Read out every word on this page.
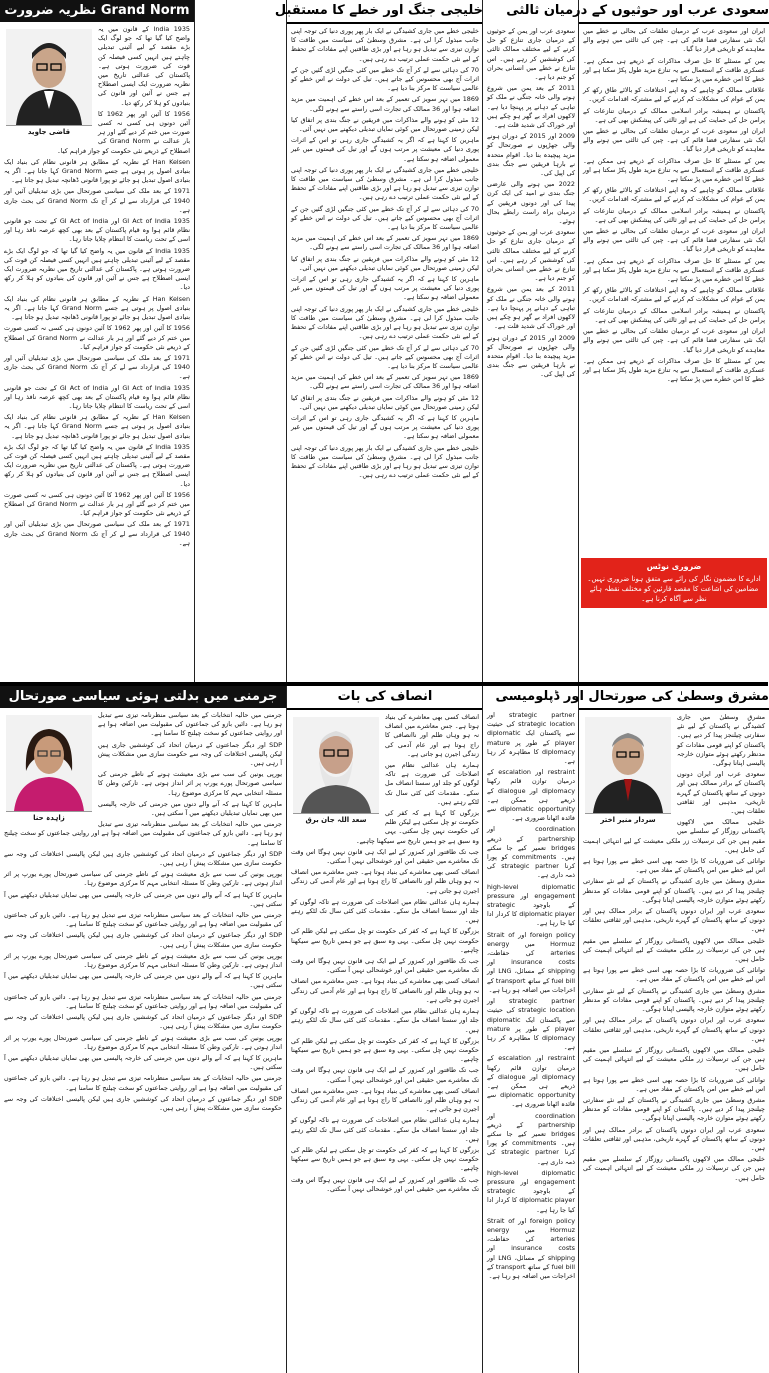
Grand Norm نظریہ ضرورت
قاضی جاوید

1935 India کے قانون میں یہ واضح کیا گیا تھا کہ جو لوگ ایک بڑے مقصد کے لیے آئینی تبدیلی چاہتے ہیں انہیں کسی فیصلہ کن قوت کی ضرورت ہوتی ہے۔ پاکستان کی عدالتی تاریخ میں نظریہ ضرورت ایک ایسی اصطلاح ہے جس نے آئین اور قانون کی بنیادوں کو ہلا کر رکھ دیا۔

1956 کا آئین اور پھر 1962 کا آئین دونوں ہی کسی نہ کسی صورت میں ختم کر دیے گئے اور ہر بار عدالت نے Grand Norm کی اصطلاح کے ذریعے نئی حکومت کو جواز فراہم کیا۔

Han Kelsen کے نظریہ کے مطابق ہر قانونی نظام کی بنیاد ایک بنیادی اصول پر ہوتی ہے جسے Grand Norm کہا جاتا ہے۔ اگر یہ بنیادی اصول تبدیل ہو جائے تو پورا قانونی ڈھانچہ تبدیل ہو جاتا ہے۔

1971 کے بعد ملک کی سیاسی صورتحال میں بڑی تبدیلیاں آئیں اور 1940 کی قرارداد سے لے کر آج تک Grand Norm کی بحث جاری ہے۔

GI Act of India 1935 اور GI Act of India کے تحت جو قانونی نظام قائم ہوا وہ قیام پاکستان کے بعد بھی کچھ عرصہ نافذ رہا اور اسی کے تحت ریاست کا انتظام چلایا جاتا رہا۔

1935 India کے قانون میں یہ واضح کیا گیا تھا کہ جو لوگ ایک بڑے مقصد کے لیے آئینی تبدیلی چاہتے ہیں انہیں کسی فیصلہ کن قوت کی ضرورت ہوتی ہے۔ پاکستان کی عدالتی تاریخ میں نظریہ ضرورت ایک ایسی اصطلاح ہے جس نے آئین اور قانون کی بنیادوں کو ہلا کر رکھ دیا۔

Han Kelsen کے نظریہ کے مطابق ہر قانونی نظام کی بنیاد ایک بنیادی اصول پر ہوتی ہے جسے Grand Norm کہا جاتا ہے۔ اگر یہ بنیادی اصول تبدیل ہو جائے تو پورا قانونی ڈھانچہ تبدیل ہو جاتا ہے۔

1956 کا آئین اور پھر 1962 کا آئین دونوں ہی کسی نہ کسی صورت میں ختم کر دیے گئے اور ہر بار عدالت نے Grand Norm کی اصطلاح کے ذریعے نئی حکومت کو جواز فراہم کیا۔

1971 کے بعد ملک کی سیاسی صورتحال میں بڑی تبدیلیاں آئیں اور 1940 کی قرارداد سے لے کر آج تک Grand Norm کی بحث جاری ہے۔

GI Act of India 1935 اور GI Act of India کے تحت جو قانونی نظام قائم ہوا وہ قیام پاکستان کے بعد بھی کچھ عرصہ نافذ رہا اور اسی کے تحت ریاست کا انتظام چلایا جاتا رہا۔

Han Kelsen کے نظریہ کے مطابق ہر قانونی نظام کی بنیاد ایک بنیادی اصول پر ہوتی ہے جسے Grand Norm کہا جاتا ہے۔ اگر یہ بنیادی اصول تبدیل ہو جائے تو پورا قانونی ڈھانچہ تبدیل ہو جاتا ہے۔

1935 India کے قانون میں یہ واضح کیا گیا تھا کہ جو لوگ ایک بڑے مقصد کے لیے آئینی تبدیلی چاہتے ہیں انہیں کسی فیصلہ کن قوت کی ضرورت ہوتی ہے۔ پاکستان کی عدالتی تاریخ میں نظریہ ضرورت ایک ایسی اصطلاح ہے جس نے آئین اور قانون کی بنیادوں کو ہلا کر رکھ دیا۔

1956 کا آئین اور پھر 1962 کا آئین دونوں ہی کسی نہ کسی صورت میں ختم کر دیے گئے اور ہر بار عدالت نے Grand Norm کی اصطلاح کے ذریعے نئی حکومت کو جواز فراہم کیا۔

1971 کے بعد ملک کی سیاسی صورتحال میں بڑی تبدیلیاں آئیں اور 1940 کی قرارداد سے لے کر آج تک Grand Norm کی بحث جاری ہے۔

خلیجی جنگ اور خطے کا مستقبل

خلیجی خطے میں جاری کشیدگی نے ایک بار پھر پوری دنیا کی توجہ اپنی جانب مبذول کرا لی ہے۔ مشرق وسطیٰ کی سیاست میں طاقت کا توازن تیزی سے تبدیل ہو رہا ہے اور بڑی طاقتیں اپنے مفادات کے تحفظ کے لیے نئی حکمت عملی ترتیب دے رہی ہیں۔

70 کی دہائی سے لے کر آج تک خطے میں کئی جنگیں لڑی گئیں جن کے اثرات آج بھی محسوس کیے جاتے ہیں۔ تیل کی دولت نے اس خطے کو عالمی سیاست کا مرکز بنا دیا ہے۔

1869 میں نہر سویز کی تعمیر کے بعد اس خطے کی اہمیت میں مزید اضافہ ہوا اور 36 ممالک کی تجارت اسی راستے سے ہونے لگی۔

12 مئی کو ہونے والے مذاکرات میں فریقین نے جنگ بندی پر اتفاق کیا لیکن زمینی صورتحال میں کوئی نمایاں تبدیلی دیکھنے میں نہیں آئی۔

ماہرین کا کہنا ہے کہ اگر یہ کشیدگی جاری رہی تو اس کے اثرات پوری دنیا کی معیشت پر مرتب ہوں گے اور تیل کی قیمتوں میں غیر معمولی اضافہ ہو سکتا ہے۔

خلیجی خطے میں جاری کشیدگی نے ایک بار پھر پوری دنیا کی توجہ اپنی جانب مبذول کرا لی ہے۔ مشرق وسطیٰ کی سیاست میں طاقت کا توازن تیزی سے تبدیل ہو رہا ہے اور بڑی طاقتیں اپنے مفادات کے تحفظ کے لیے نئی حکمت عملی ترتیب دے رہی ہیں۔

70 کی دہائی سے لے کر آج تک خطے میں کئی جنگیں لڑی گئیں جن کے اثرات آج بھی محسوس کیے جاتے ہیں۔ تیل کی دولت نے اس خطے کو عالمی سیاست کا مرکز بنا دیا ہے۔

1869 میں نہر سویز کی تعمیر کے بعد اس خطے کی اہمیت میں مزید اضافہ ہوا اور 36 ممالک کی تجارت اسی راستے سے ہونے لگی۔

12 مئی کو ہونے والے مذاکرات میں فریقین نے جنگ بندی پر اتفاق کیا لیکن زمینی صورتحال میں کوئی نمایاں تبدیلی دیکھنے میں نہیں آئی۔

ماہرین کا کہنا ہے کہ اگر یہ کشیدگی جاری رہی تو اس کے اثرات پوری دنیا کی معیشت پر مرتب ہوں گے اور تیل کی قیمتوں میں غیر معمولی اضافہ ہو سکتا ہے۔

خلیجی خطے میں جاری کشیدگی نے ایک بار پھر پوری دنیا کی توجہ اپنی جانب مبذول کرا لی ہے۔ مشرق وسطیٰ کی سیاست میں طاقت کا توازن تیزی سے تبدیل ہو رہا ہے اور بڑی طاقتیں اپنے مفادات کے تحفظ کے لیے نئی حکمت عملی ترتیب دے رہی ہیں۔

70 کی دہائی سے لے کر آج تک خطے میں کئی جنگیں لڑی گئیں جن کے اثرات آج بھی محسوس کیے جاتے ہیں۔ تیل کی دولت نے اس خطے کو عالمی سیاست کا مرکز بنا دیا ہے۔

1869 میں نہر سویز کی تعمیر کے بعد اس خطے کی اہمیت میں مزید اضافہ ہوا اور 36 ممالک کی تجارت اسی راستے سے ہونے لگی۔

12 مئی کو ہونے والے مذاکرات میں فریقین نے جنگ بندی پر اتفاق کیا لیکن زمینی صورتحال میں کوئی نمایاں تبدیلی دیکھنے میں نہیں آئی۔

ماہرین کا کہنا ہے کہ اگر یہ کشیدگی جاری رہی تو اس کے اثرات پوری دنیا کی معیشت پر مرتب ہوں گے اور تیل کی قیمتوں میں غیر معمولی اضافہ ہو سکتا ہے۔

خلیجی خطے میں جاری کشیدگی نے ایک بار پھر پوری دنیا کی توجہ اپنی جانب مبذول کرا لی ہے۔ مشرق وسطیٰ کی سیاست میں طاقت کا توازن تیزی سے تبدیل ہو رہا ہے اور بڑی طاقتیں اپنے مفادات کے تحفظ کے لیے نئی حکمت عملی ترتیب دے رہی ہیں۔

سعودی عرب اور یمن کے حوثیوں کے درمیان جاری تنازع کو حل کرنے کے لیے مختلف ممالک ثالثی کی کوششیں کر رہے ہیں۔ اس تنازع نے خطے میں انسانی بحران کو جنم دیا ہے۔

2011 کے بعد یمن میں شروع ہونے والی خانہ جنگی نے ملک کو تباہی کے دہانے پر پہنچا دیا ہے۔ لاکھوں افراد بے گھر ہو چکے ہیں اور خوراک کی شدید قلت ہے۔

2009 اور 2015 کے دوران ہونے والی جھڑپوں نے صورتحال کو مزید پیچیدہ بنا دیا۔ اقوام متحدہ نے بارہا فریقین سے جنگ بندی کی اپیل کی۔

2022 میں ہونے والی عارضی جنگ بندی نے امید کی ایک کرن پیدا کی اور دونوں فریقین کے درمیان براہ راست رابطے بحال ہوئے۔

سعودی عرب اور یمن کے حوثیوں کے درمیان جاری تنازع کو حل کرنے کے لیے مختلف ممالک ثالثی کی کوششیں کر رہے ہیں۔ اس تنازع نے خطے میں انسانی بحران کو جنم دیا ہے۔

2011 کے بعد یمن میں شروع ہونے والی خانہ جنگی نے ملک کو تباہی کے دہانے پر پہنچا دیا ہے۔ لاکھوں افراد بے گھر ہو چکے ہیں اور خوراک کی شدید قلت ہے۔

2009 اور 2015 کے دوران ہونے والی جھڑپوں نے صورتحال کو مزید پیچیدہ بنا دیا۔ اقوام متحدہ نے بارہا فریقین سے جنگ بندی کی اپیل کی۔

سعودی عرب اور حوثیوں کے درمیان ثالثی

ایران اور سعودی عرب کے درمیان تعلقات کی بحالی نے خطے میں ایک نئی سفارتی فضا قائم کی ہے۔ چین کی ثالثی میں ہونے والے معاہدے کو تاریخی قرار دیا گیا۔

یمن کے مسئلے کا حل صرف مذاکرات کے ذریعے ہی ممکن ہے۔ عسکری طاقت کے استعمال سے یہ تنازع مزید طول پکڑ سکتا ہے اور خطے کا امن خطرے میں پڑ سکتا ہے۔

علاقائی ممالک کو چاہیے کہ وہ اپنے اختلافات کو بالائے طاق رکھ کر یمن کے عوام کی مشکلات کم کرنے کے لیے مشترکہ اقدامات کریں۔

پاکستان نے ہمیشہ برادر اسلامی ممالک کے درمیان تنازعات کے پرامن حل کی حمایت کی ہے اور ثالثی کی پیشکش بھی کی ہے۔

ایران اور سعودی عرب کے درمیان تعلقات کی بحالی نے خطے میں ایک نئی سفارتی فضا قائم کی ہے۔ چین کی ثالثی میں ہونے والے معاہدے کو تاریخی قرار دیا گیا۔

یمن کے مسئلے کا حل صرف مذاکرات کے ذریعے ہی ممکن ہے۔ عسکری طاقت کے استعمال سے یہ تنازع مزید طول پکڑ سکتا ہے اور خطے کا امن خطرے میں پڑ سکتا ہے۔

علاقائی ممالک کو چاہیے کہ وہ اپنے اختلافات کو بالائے طاق رکھ کر یمن کے عوام کی مشکلات کم کرنے کے لیے مشترکہ اقدامات کریں۔

پاکستان نے ہمیشہ برادر اسلامی ممالک کے درمیان تنازعات کے پرامن حل کی حمایت کی ہے اور ثالثی کی پیشکش بھی کی ہے۔

ایران اور سعودی عرب کے درمیان تعلقات کی بحالی نے خطے میں ایک نئی سفارتی فضا قائم کی ہے۔ چین کی ثالثی میں ہونے والے معاہدے کو تاریخی قرار دیا گیا۔

یمن کے مسئلے کا حل صرف مذاکرات کے ذریعے ہی ممکن ہے۔ عسکری طاقت کے استعمال سے یہ تنازع مزید طول پکڑ سکتا ہے اور خطے کا امن خطرے میں پڑ سکتا ہے۔

علاقائی ممالک کو چاہیے کہ وہ اپنے اختلافات کو بالائے طاق رکھ کر یمن کے عوام کی مشکلات کم کرنے کے لیے مشترکہ اقدامات کریں۔

پاکستان نے ہمیشہ برادر اسلامی ممالک کے درمیان تنازعات کے پرامن حل کی حمایت کی ہے اور ثالثی کی پیشکش بھی کی ہے۔

ایران اور سعودی عرب کے درمیان تعلقات کی بحالی نے خطے میں ایک نئی سفارتی فضا قائم کی ہے۔ چین کی ثالثی میں ہونے والے معاہدے کو تاریخی قرار دیا گیا۔

یمن کے مسئلے کا حل صرف مذاکرات کے ذریعے ہی ممکن ہے۔ عسکری طاقت کے استعمال سے یہ تنازع مزید طول پکڑ سکتا ہے اور خطے کا امن خطرے میں پڑ سکتا ہے۔

ضروری نوٹس
ادارے کا مضمون نگار کی رائے سے متفق ہونا ضروری نہیں۔ مضامین کی اشاعت کا مقصد قارئین کو مختلف نقطہ ہائے نظر سے آگاہ کرنا ہے۔
جرمنی میں بدلتی ہوئی سیاسی صورتحال
زاہدہ حنا

جرمنی میں حالیہ انتخابات کے بعد سیاسی منظرنامہ تیزی سے تبدیل ہو رہا ہے۔ دائیں بازو کی جماعتوں کی مقبولیت میں اضافہ ہوا ہے اور روایتی جماعتوں کو سخت چیلنج کا سامنا ہے۔

SDP اور دیگر جماعتوں کے درمیان اتحاد کی کوششیں جاری ہیں لیکن پالیسی اختلافات کی وجہ سے حکومت سازی میں مشکلات پیش آ رہی ہیں۔

یورپی یونین کی سب سے بڑی معیشت ہونے کے ناطے جرمنی کی سیاسی صورتحال پورے یورپ پر اثر انداز ہوتی ہے۔ تارکین وطن کا مسئلہ انتخابی مہم کا مرکزی موضوع رہا۔

ماہرین کا کہنا ہے کہ آنے والے دنوں میں جرمنی کی خارجہ پالیسی میں بھی نمایاں تبدیلیاں دیکھنے میں آ سکتی ہیں۔

جرمنی میں حالیہ انتخابات کے بعد سیاسی منظرنامہ تیزی سے تبدیل ہو رہا ہے۔ دائیں بازو کی جماعتوں کی مقبولیت میں اضافہ ہوا ہے اور روایتی جماعتوں کو سخت چیلنج کا سامنا ہے۔

SDP اور دیگر جماعتوں کے درمیان اتحاد کی کوششیں جاری ہیں لیکن پالیسی اختلافات کی وجہ سے حکومت سازی میں مشکلات پیش آ رہی ہیں۔

یورپی یونین کی سب سے بڑی معیشت ہونے کے ناطے جرمنی کی سیاسی صورتحال پورے یورپ پر اثر انداز ہوتی ہے۔ تارکین وطن کا مسئلہ انتخابی مہم کا مرکزی موضوع رہا۔

ماہرین کا کہنا ہے کہ آنے والے دنوں میں جرمنی کی خارجہ پالیسی میں بھی نمایاں تبدیلیاں دیکھنے میں آ سکتی ہیں۔

جرمنی میں حالیہ انتخابات کے بعد سیاسی منظرنامہ تیزی سے تبدیل ہو رہا ہے۔ دائیں بازو کی جماعتوں کی مقبولیت میں اضافہ ہوا ہے اور روایتی جماعتوں کو سخت چیلنج کا سامنا ہے۔

SDP اور دیگر جماعتوں کے درمیان اتحاد کی کوششیں جاری ہیں لیکن پالیسی اختلافات کی وجہ سے حکومت سازی میں مشکلات پیش آ رہی ہیں۔

یورپی یونین کی سب سے بڑی معیشت ہونے کے ناطے جرمنی کی سیاسی صورتحال پورے یورپ پر اثر انداز ہوتی ہے۔ تارکین وطن کا مسئلہ انتخابی مہم کا مرکزی موضوع رہا۔

ماہرین کا کہنا ہے کہ آنے والے دنوں میں جرمنی کی خارجہ پالیسی میں بھی نمایاں تبدیلیاں دیکھنے میں آ سکتی ہیں۔

جرمنی میں حالیہ انتخابات کے بعد سیاسی منظرنامہ تیزی سے تبدیل ہو رہا ہے۔ دائیں بازو کی جماعتوں کی مقبولیت میں اضافہ ہوا ہے اور روایتی جماعتوں کو سخت چیلنج کا سامنا ہے۔

SDP اور دیگر جماعتوں کے درمیان اتحاد کی کوششیں جاری ہیں لیکن پالیسی اختلافات کی وجہ سے حکومت سازی میں مشکلات پیش آ رہی ہیں۔

یورپی یونین کی سب سے بڑی معیشت ہونے کے ناطے جرمنی کی سیاسی صورتحال پورے یورپ پر اثر انداز ہوتی ہے۔ تارکین وطن کا مسئلہ انتخابی مہم کا مرکزی موضوع رہا۔

ماہرین کا کہنا ہے کہ آنے والے دنوں میں جرمنی کی خارجہ پالیسی میں بھی نمایاں تبدیلیاں دیکھنے میں آ سکتی ہیں۔

جرمنی میں حالیہ انتخابات کے بعد سیاسی منظرنامہ تیزی سے تبدیل ہو رہا ہے۔ دائیں بازو کی جماعتوں کی مقبولیت میں اضافہ ہوا ہے اور روایتی جماعتوں کو سخت چیلنج کا سامنا ہے۔

SDP اور دیگر جماعتوں کے درمیان اتحاد کی کوششیں جاری ہیں لیکن پالیسی اختلافات کی وجہ سے حکومت سازی میں مشکلات پیش آ رہی ہیں۔

انصاف کی بات
سعد اللہ جان برق

انصاف کسی بھی معاشرے کی بنیاد ہوتا ہے۔ جس معاشرے میں انصاف نہ ہو وہاں ظلم اور ناانصافی کا راج ہوتا ہے اور عام آدمی کی زندگی اجیرن ہو جاتی ہے۔

ہمارے ہاں عدالتی نظام میں اصلاحات کی ضرورت ہے تاکہ لوگوں کو جلد اور سستا انصاف مل سکے۔ مقدمات کئی کئی سال تک لٹکے رہتے ہیں۔

بزرگوں کا کہنا ہے کہ کفر کی حکومت تو چل سکتی ہے لیکن ظلم کی حکومت نہیں چل سکتی۔ یہی وہ سبق ہے جو ہمیں تاریخ سے سیکھنا چاہیے۔

جب تک طاقتور اور کمزور کے لیے ایک ہی قانون نہیں ہوگا اس وقت تک معاشرے میں حقیقی امن اور خوشحالی نہیں آ سکتی۔

انصاف کسی بھی معاشرے کی بنیاد ہوتا ہے۔ جس معاشرے میں انصاف نہ ہو وہاں ظلم اور ناانصافی کا راج ہوتا ہے اور عام آدمی کی زندگی اجیرن ہو جاتی ہے۔

ہمارے ہاں عدالتی نظام میں اصلاحات کی ضرورت ہے تاکہ لوگوں کو جلد اور سستا انصاف مل سکے۔ مقدمات کئی کئی سال تک لٹکے رہتے ہیں۔

بزرگوں کا کہنا ہے کہ کفر کی حکومت تو چل سکتی ہے لیکن ظلم کی حکومت نہیں چل سکتی۔ یہی وہ سبق ہے جو ہمیں تاریخ سے سیکھنا چاہیے۔

جب تک طاقتور اور کمزور کے لیے ایک ہی قانون نہیں ہوگا اس وقت تک معاشرے میں حقیقی امن اور خوشحالی نہیں آ سکتی۔

انصاف کسی بھی معاشرے کی بنیاد ہوتا ہے۔ جس معاشرے میں انصاف نہ ہو وہاں ظلم اور ناانصافی کا راج ہوتا ہے اور عام آدمی کی زندگی اجیرن ہو جاتی ہے۔

ہمارے ہاں عدالتی نظام میں اصلاحات کی ضرورت ہے تاکہ لوگوں کو جلد اور سستا انصاف مل سکے۔ مقدمات کئی کئی سال تک لٹکے رہتے ہیں۔

بزرگوں کا کہنا ہے کہ کفر کی حکومت تو چل سکتی ہے لیکن ظلم کی حکومت نہیں چل سکتی۔ یہی وہ سبق ہے جو ہمیں تاریخ سے سیکھنا چاہیے۔

جب تک طاقتور اور کمزور کے لیے ایک ہی قانون نہیں ہوگا اس وقت تک معاشرے میں حقیقی امن اور خوشحالی نہیں آ سکتی۔

انصاف کسی بھی معاشرے کی بنیاد ہوتا ہے۔ جس معاشرے میں انصاف نہ ہو وہاں ظلم اور ناانصافی کا راج ہوتا ہے اور عام آدمی کی زندگی اجیرن ہو جاتی ہے۔

ہمارے ہاں عدالتی نظام میں اصلاحات کی ضرورت ہے تاکہ لوگوں کو جلد اور سستا انصاف مل سکے۔ مقدمات کئی کئی سال تک لٹکے رہتے ہیں۔

بزرگوں کا کہنا ہے کہ کفر کی حکومت تو چل سکتی ہے لیکن ظلم کی حکومت نہیں چل سکتی۔ یہی وہ سبق ہے جو ہمیں تاریخ سے سیکھنا چاہیے۔

جب تک طاقتور اور کمزور کے لیے ایک ہی قانون نہیں ہوگا اس وقت تک معاشرے میں حقیقی امن اور خوشحالی نہیں آ سکتی۔

strategic partner اور strategic location کی حیثیت سے پاکستان ایک diplomatic player کے طور پر mature diplomacy کا مظاہرہ کر رہا ہے۔

restraint اور escalation کے درمیان توازن قائم رکھنا diplomacy اور dialogue کے ذریعے ہی ممکن ہے۔ diplomatic opportunity سے فائدہ اٹھانا ضروری ہے۔

coordination اور partnership کے ذریعے bridges تعمیر کیے جا سکتے ہیں۔ commitments کو پورا کرنا strategic partner کی ذمہ داری ہے۔

high-level diplomatic engagement اور pressure کے باوجود strategic diplomatic player کا کردار ادا کیا جا رہا ہے۔

foreign policy اور Strait of Hormuz میں energy arteries کی حفاظت، insurance costs اور shipping کے مسائل، LNG اور fuel bill کے ساتھ transport کے اخراجات میں اضافہ ہو رہا ہے۔

strategic partner اور strategic location کی حیثیت سے پاکستان ایک diplomatic player کے طور پر mature diplomacy کا مظاہرہ کر رہا ہے۔

restraint اور escalation کے درمیان توازن قائم رکھنا diplomacy اور dialogue کے ذریعے ہی ممکن ہے۔ diplomatic opportunity سے فائدہ اٹھانا ضروری ہے۔

coordination اور partnership کے ذریعے bridges تعمیر کیے جا سکتے ہیں۔ commitments کو پورا کرنا strategic partner کی ذمہ داری ہے۔

high-level diplomatic engagement اور pressure کے باوجود strategic diplomatic player کا کردار ادا کیا جا رہا ہے۔

foreign policy اور Strait of Hormuz میں energy arteries کی حفاظت، insurance costs اور shipping کے مسائل، LNG اور fuel bill کے ساتھ transport کے اخراجات میں اضافہ ہو رہا ہے۔

مشرق وسطیٰ کی صورتحال اور ڈپلومیسی
سردار منیر اختر

مشرق وسطیٰ میں جاری کشیدگی نے پاکستان کے لیے نئے سفارتی چیلنجز پیدا کر دیے ہیں۔ پاکستان کو اپنے قومی مفادات کو مدنظر رکھتے ہوئے متوازن خارجہ پالیسی اپنانا ہوگی۔

سعودی عرب اور ایران دونوں پاکستان کے برادر ممالک ہیں اور دونوں کے ساتھ پاکستان کے گہرے تاریخی، مذہبی اور ثقافتی تعلقات ہیں۔

خلیجی ممالک میں لاکھوں پاکستانی روزگار کے سلسلے میں مقیم ہیں جن کی ترسیلات زر ملکی معیشت کے لیے انتہائی اہمیت کی حامل ہیں۔

توانائی کی ضروریات کا بڑا حصہ بھی اسی خطے سے پورا ہوتا ہے اس لیے خطے میں امن پاکستان کے مفاد میں ہے۔

مشرق وسطیٰ میں جاری کشیدگی نے پاکستان کے لیے نئے سفارتی چیلنجز پیدا کر دیے ہیں۔ پاکستان کو اپنے قومی مفادات کو مدنظر رکھتے ہوئے متوازن خارجہ پالیسی اپنانا ہوگی۔

سعودی عرب اور ایران دونوں پاکستان کے برادر ممالک ہیں اور دونوں کے ساتھ پاکستان کے گہرے تاریخی، مذہبی اور ثقافتی تعلقات ہیں۔

خلیجی ممالک میں لاکھوں پاکستانی روزگار کے سلسلے میں مقیم ہیں جن کی ترسیلات زر ملکی معیشت کے لیے انتہائی اہمیت کی حامل ہیں۔

توانائی کی ضروریات کا بڑا حصہ بھی اسی خطے سے پورا ہوتا ہے اس لیے خطے میں امن پاکستان کے مفاد میں ہے۔

مشرق وسطیٰ میں جاری کشیدگی نے پاکستان کے لیے نئے سفارتی چیلنجز پیدا کر دیے ہیں۔ پاکستان کو اپنے قومی مفادات کو مدنظر رکھتے ہوئے متوازن خارجہ پالیسی اپنانا ہوگی۔

سعودی عرب اور ایران دونوں پاکستان کے برادر ممالک ہیں اور دونوں کے ساتھ پاکستان کے گہرے تاریخی، مذہبی اور ثقافتی تعلقات ہیں۔

خلیجی ممالک میں لاکھوں پاکستانی روزگار کے سلسلے میں مقیم ہیں جن کی ترسیلات زر ملکی معیشت کے لیے انتہائی اہمیت کی حامل ہیں۔

توانائی کی ضروریات کا بڑا حصہ بھی اسی خطے سے پورا ہوتا ہے اس لیے خطے میں امن پاکستان کے مفاد میں ہے۔

مشرق وسطیٰ میں جاری کشیدگی نے پاکستان کے لیے نئے سفارتی چیلنجز پیدا کر دیے ہیں۔ پاکستان کو اپنے قومی مفادات کو مدنظر رکھتے ہوئے متوازن خارجہ پالیسی اپنانا ہوگی۔

سعودی عرب اور ایران دونوں پاکستان کے برادر ممالک ہیں اور دونوں کے ساتھ پاکستان کے گہرے تاریخی، مذہبی اور ثقافتی تعلقات ہیں۔

خلیجی ممالک میں لاکھوں پاکستانی روزگار کے سلسلے میں مقیم ہیں جن کی ترسیلات زر ملکی معیشت کے لیے انتہائی اہمیت کی حامل ہیں۔
